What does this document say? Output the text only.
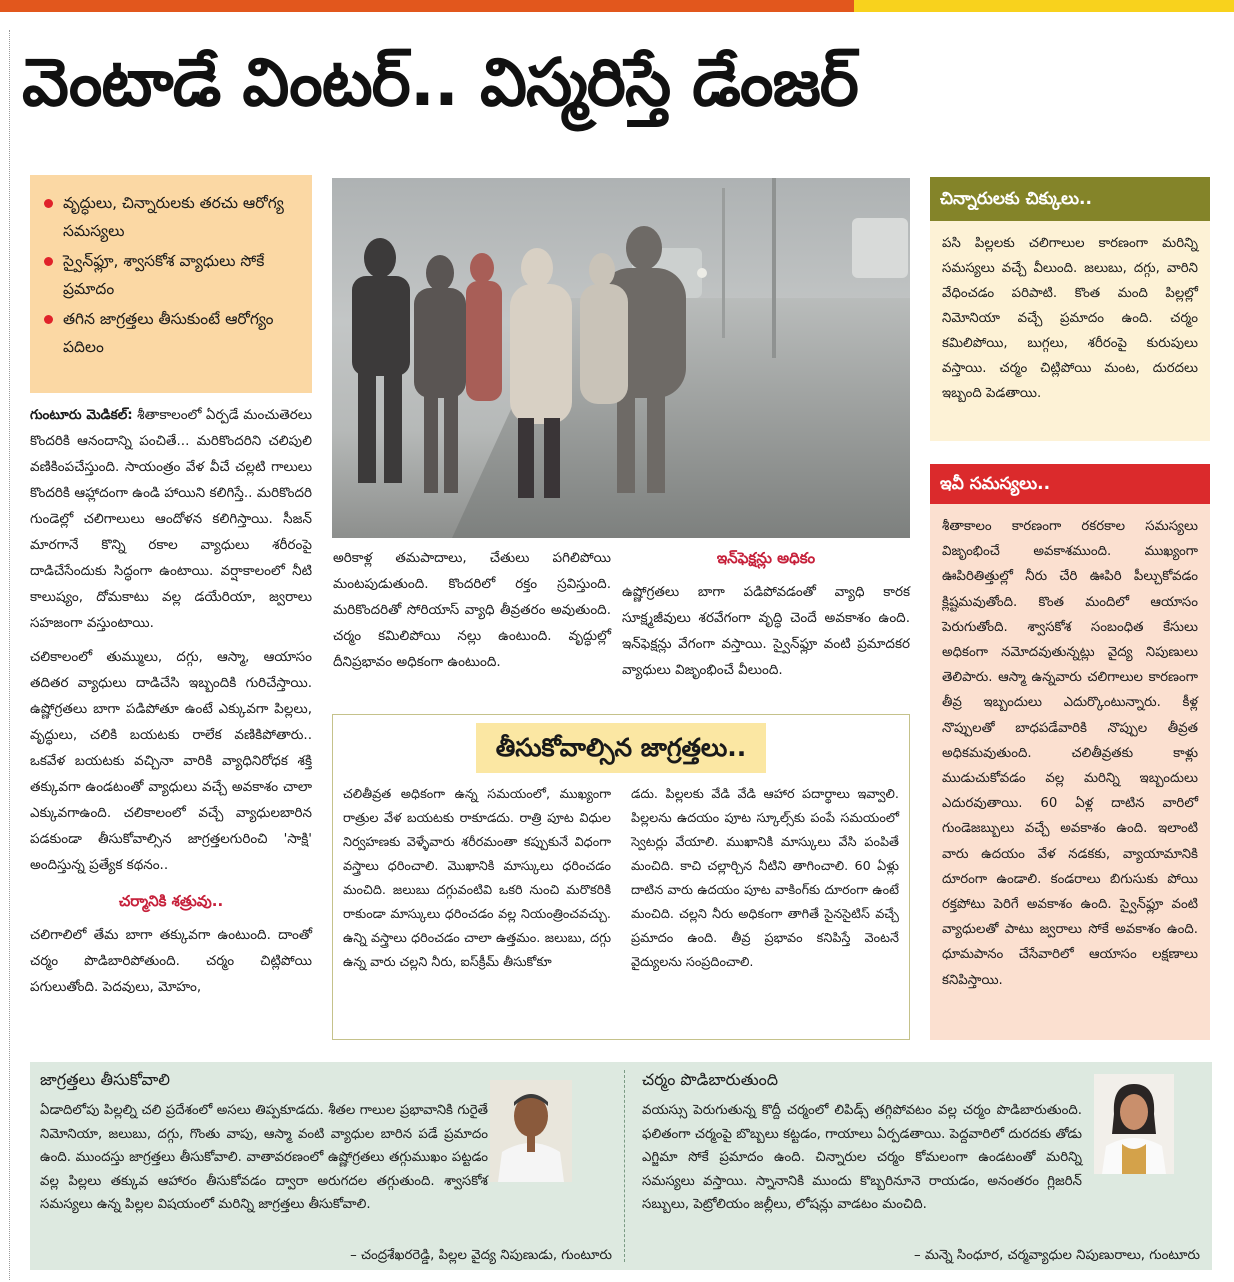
వెంటాడే వింటర్.. విస్మరిస్తే డేంజర్
వృద్ధులు, చిన్నారులకు తరచు ఆరోగ్య సమస్యలు
స్వైన్‌ఫ్లూ, శ్వాసకోశ వ్యాధులు సోకే ప్రమాదం
తగిన జాగ్రత్తలు తీసుకుంటే ఆరోగ్యం పదిలం

గుంటూరు మెడికల్: శీతాకాలంలో ఏర్పడే మంచుతెరలు కొందరికి ఆనందాన్ని పంచితే... మరికొందరిని చలిపులి వణికింపచేస్తుంది. సాయంత్రం వేళ వీచే చల్లటి గాలులు కొందరికి ఆహ్లాదంగా ఉండి హాయిని కలిగిస్తే.. మరికొందరి గుండెల్లో చలిగాలులు ఆందోళన కలిగిస్తాయి. సీజన్ మారగానే కొన్ని రకాల వ్యాధులు శరీరంపై దాడిచేసేందుకు సిద్ధంగా ఉంటాయి. వర్షాకాలంలో నీటి కాలుష్యం, దోమకాటు వల్ల డయేరియా, జ్వరాలు సహజంగా వస్తుంటాయి.

చలికాలంలో తుమ్ములు, దగ్గు, ఆస్మా, ఆయాసం తదితర వ్యాధులు దాడిచేసి ఇబ్బందికి గురిచేస్తాయి. ఉష్ణోగ్రతలు బాగా పడిపోతూ ఉంటే ఎక్కువగా పిల్లలు, వృద్ధులు, చలికి బయటకు రాలేక వణికిపోతారు.. ఒకవేళ బయటకు వచ్చినా వారికి వ్యాధినిరోధక శక్తి తక్కువగా ఉండటంతో వ్యాధులు వచ్చే అవకాశం చాలా ఎక్కువగాఉంది. చలికాలంలో వచ్చే వ్యాధులబారిన పడకుండా తీసుకోవాల్సిన జాగ్రత్తలగురించి 'సాక్షి' అందిస్తున్న ప్రత్యేక కథనం..

చర్మానికి శత్రువు..

చలిగాలిలో తేమ బాగా తక్కువగా ఉంటుంది. దాంతో చర్మం పొడిబారిపోతుంది. చర్మం చిట్లిపోయి పగులుతోంది. పెదవులు, మోహం,

అరికాళ్ల తమపాదాలు, చేతులు పగిలిపోయి మంటపుడుతుంది. కొందరిలో రక్తం స్రవిస్తుంది. మరికొందరితో సోరియాస్ వ్యాధి తీవ్రతరం అవుతుంది. చర్మం కమిలిపోయి నల్లు ఉంటుంది. వృద్ధుల్లో దీనిప్రభావం అధికంగా ఉంటుంది.

ఇన్‌ఫెక్షన్లు అధికం

ఉష్ణోగ్రతలు బాగా పడిపోవడంతో వ్యాధి కారక సూక్ష్మజీవులు శరవేగంగా వృద్ధి చెందే అవకాశం ఉంది. ఇన్‌ఫెక్షన్లు వేగంగా వస్తాయి. స్వైన్‌ఫ్లూ వంటి ప్రమాదకర వ్యాధులు విజృంభించే వీలుంది.

తీసుకోవాల్సిన జాగ్రత్తలు..
చలితీవ్రత అధికంగా ఉన్న సమయంలో, ముఖ్యంగా రాత్రుల వేళ బయటకు రాకూడదు. రాత్రి పూట విధుల నిర్వహణకు వెళ్ళేవారు శరీరమంతా కప్పుకునే విధంగా వస్త్రాలు ధరించాలి. మొఖానికి మాస్కులు ధరించడం మంచిది. జలుబు దగ్గువంటివి ఒకరి నుంచి మరొకరికి రాకుండా మాస్కులు ధరించడం వల్ల నియంత్రించవచ్చు. ఉన్ని వస్త్రాలు ధరించడం చాలా ఉత్తమం. జలుబు, దగ్గు ఉన్న వారు చల్లని నీరు, ఐస్‌క్రీమ్ తీసుకోకూ
డదు. పిల్లలకు వేడి వేడి ఆహార పదార్థాలు ఇవ్వాలి. పిల్లలను ఉదయం పూట స్కూల్స్‌కు పంపే సమయంలో స్వెటర్లు వేయాలి. ముఖానికి మాస్కులు వేసి పంపితే మంచిది. కాచి చల్లార్చిన నీటిని తాగించాలి. 60 ఏళ్లు దాటిన వారు ఉదయం పూట వాకింగ్‌కు దూరంగా ఉంటే మంచిది. చల్లని నీరు అధికంగా తాగితే సైనసైటిస్ వచ్చే ప్రమాదం ఉంది. తీవ్ర ప్రభావం కనిపిస్తే వెంటనే వైద్యులను సంప్రదించాలి.
చిన్నారులకు చిక్కులు..
పసి పిల్లలకు చలిగాలుల కారణంగా మరిన్ని సమస్యలు వచ్చే వీలుంది. జలుబు, దగ్గు, వారిని వేధించడం పరిపాటి. కొంత మంది పిల్లల్లో నిమోనియా వచ్చే ప్రమాదం ఉంది. చర్మం కమిలిపోయి, బుగ్గలు, శరీరంపై కురుపులు వస్తాయి. చర్మం చిట్లిపోయి మంట, దురదలు ఇబ్బంది పెడతాయి.
ఇవీ సమస్యలు..
శీతాకాలం కారణంగా రకరకాల సమస్యలు విజృంభించే అవకాశముంది. ముఖ్యంగా ఊపిరితిత్తుల్లో నీరు చేరి ఊపిరి పీల్చుకోవడం క్లిష్టమవుతోంది. కొంత మందిలో ఆయాసం పెరుగుతోంది. శ్వాసకోశ సంబంధిత కేసులు అధికంగా నమోదవుతున్నట్లు వైద్య నిపుణులు తెలిపారు. ఆస్మా ఉన్నవారు చలిగాలుల కారణంగా తీవ్ర ఇబ్బందులు ఎదుర్కొంటున్నారు. కీళ్ల నొప్పులతో బాధపడేవారికి నొప్పుల తీవ్రత అధికమవుతుంది. చలితీవ్రతకు కాళ్లు ముడుచుకోవడం వల్ల మరిన్ని ఇబ్బందులు ఎదురవుతాయి. 60 ఏళ్ల దాటిన వారిలో గుండెజబ్బులు వచ్చే అవకాశం ఉంది. ఇలాంటి వారు ఉదయం వేళ నడకకు, వ్యాయామానికి దూరంగా ఉండాలి. కండరాలు బిగుసుకు పోయి రక్తపోటు పెరిగే అవకాశం ఉంది. స్వైన్‌ఫ్లూ వంటి వ్యాధులతో పాటు జ్వరాలు సోకే అవకాశం ఉంది. ధూమపానం చేసేవారిలో ఆయాసం లక్షణాలు కనిపిస్తాయి.
జాగ్రత్తలు తీసుకోవాలి
ఏడాదిలోపు పిల్లల్ని చలి ప్రదేశంలో అసలు తిప్పకూడదు. శీతల గాలుల ప్రభావానికి గురైతే నిమోనియా, జలుబు, దగ్గు, గొంతు వాపు, ఆస్మా వంటి వ్యాధుల బారిన పడే ప్రమాదం ఉంది. ముందస్తు జాగ్రత్తలు తీసుకోవాలి. వాతావరణంలో ఉష్ణోగ్రతలు తగ్గుముఖం పట్టడం వల్ల పిల్లలు తక్కువ ఆహారం తీసుకోవడం ద్వారా అరుగదల తగ్గుతుంది. శ్వాసకోశ సమస్యలు ఉన్న పిల్లల విషయంలో మరిన్ని జాగ్రత్తలు తీసుకోవాలి.
– చంద్రశేఖరరెడ్డి, పిల్లల వైద్య నిపుణుడు, గుంటూరు
చర్మం పొడిబారుతుంది
వయస్సు పెరుగుతున్న కొద్దీ చర్మంలో లిపిడ్స్ తగ్గిపోవటం వల్ల చర్మం పొడిబారుతుంది. ఫలితంగా చర్మంపై బొబ్బలు కట్టడం, గాయాలు ఏర్పడతాయి. పెద్దవారిలో దురదకు తోడు ఎగ్జిమా సోకే ప్రమాదం ఉంది. చిన్నారుల చర్మం కోమలంగా ఉండటంతో మరిన్ని సమస్యలు వస్తాయి. స్నానానికి ముందు కొబ్బరినూనె రాయడం, అనంతరం గ్లిజరిన్ సబ్బులు, పెట్రోలియం జల్లీలు, లోషన్లు వాడటం మంచిది.
– మన్నె సింధూర, చర్మవ్యాధుల నిపుణురాలు, గుంటూరు
